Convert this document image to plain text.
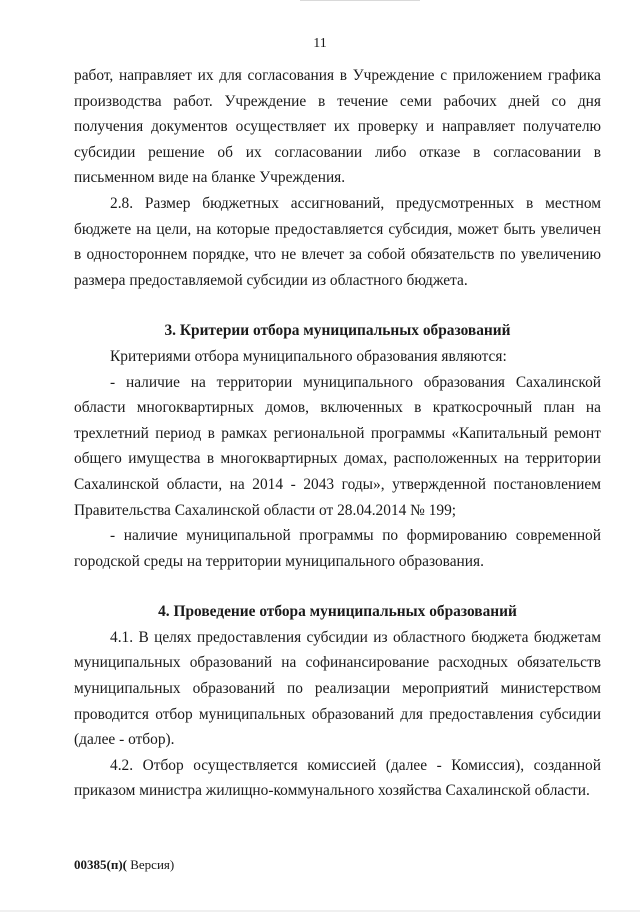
11

работ, направляет их для согласования в Учреждение с приложением графика производства работ. Учреждение в течение семи рабочих дней со дня получения документов осуществляет их проверку и направляет получателю субсидии решение об их согласовании либо отказе в согласовании в письменном виде на бланке Учреждения.

2.8. Размер бюджетных ассигнований, предусмотренных в местном бюджете на цели, на которые предоставляется субсидия, может быть увеличен в одностороннем порядке, что не влечет за собой обязательств по увеличению размера предоставляемой субсидии из областного бюджета.

3. Критерии отбора муниципальных образований

Критериями отбора муниципального образования являются:

- наличие на территории муниципального образования Сахалинской области многоквартирных домов, включенных в краткосрочный план на трехлетний период в рамках региональной программы «Капитальный ремонт общего имущества в многоквартирных домах, расположенных на территории Сахалинской области, на 2014 - 2043 годы», утвержденной постановлением Правительства Сахалинской области от 28.04.2014 № 199;

- наличие муниципальной программы по формированию современной городской среды на территории муниципального образования.

4. Проведение отбора муниципальных образований

4.1. В целях предоставления субсидии из областного бюджета бюджетам муниципальных образований на софинансирование расходных обязательств муниципальных образований по реализации мероприятий министерством проводится отбор муниципальных образований для предоставления субсидии (далее - отбор).

4.2. Отбор осуществляется комиссией (далее - Комиссия), созданной приказом министра жилищно-коммунального хозяйства Сахалинской области.

00385(п)( Версия)
